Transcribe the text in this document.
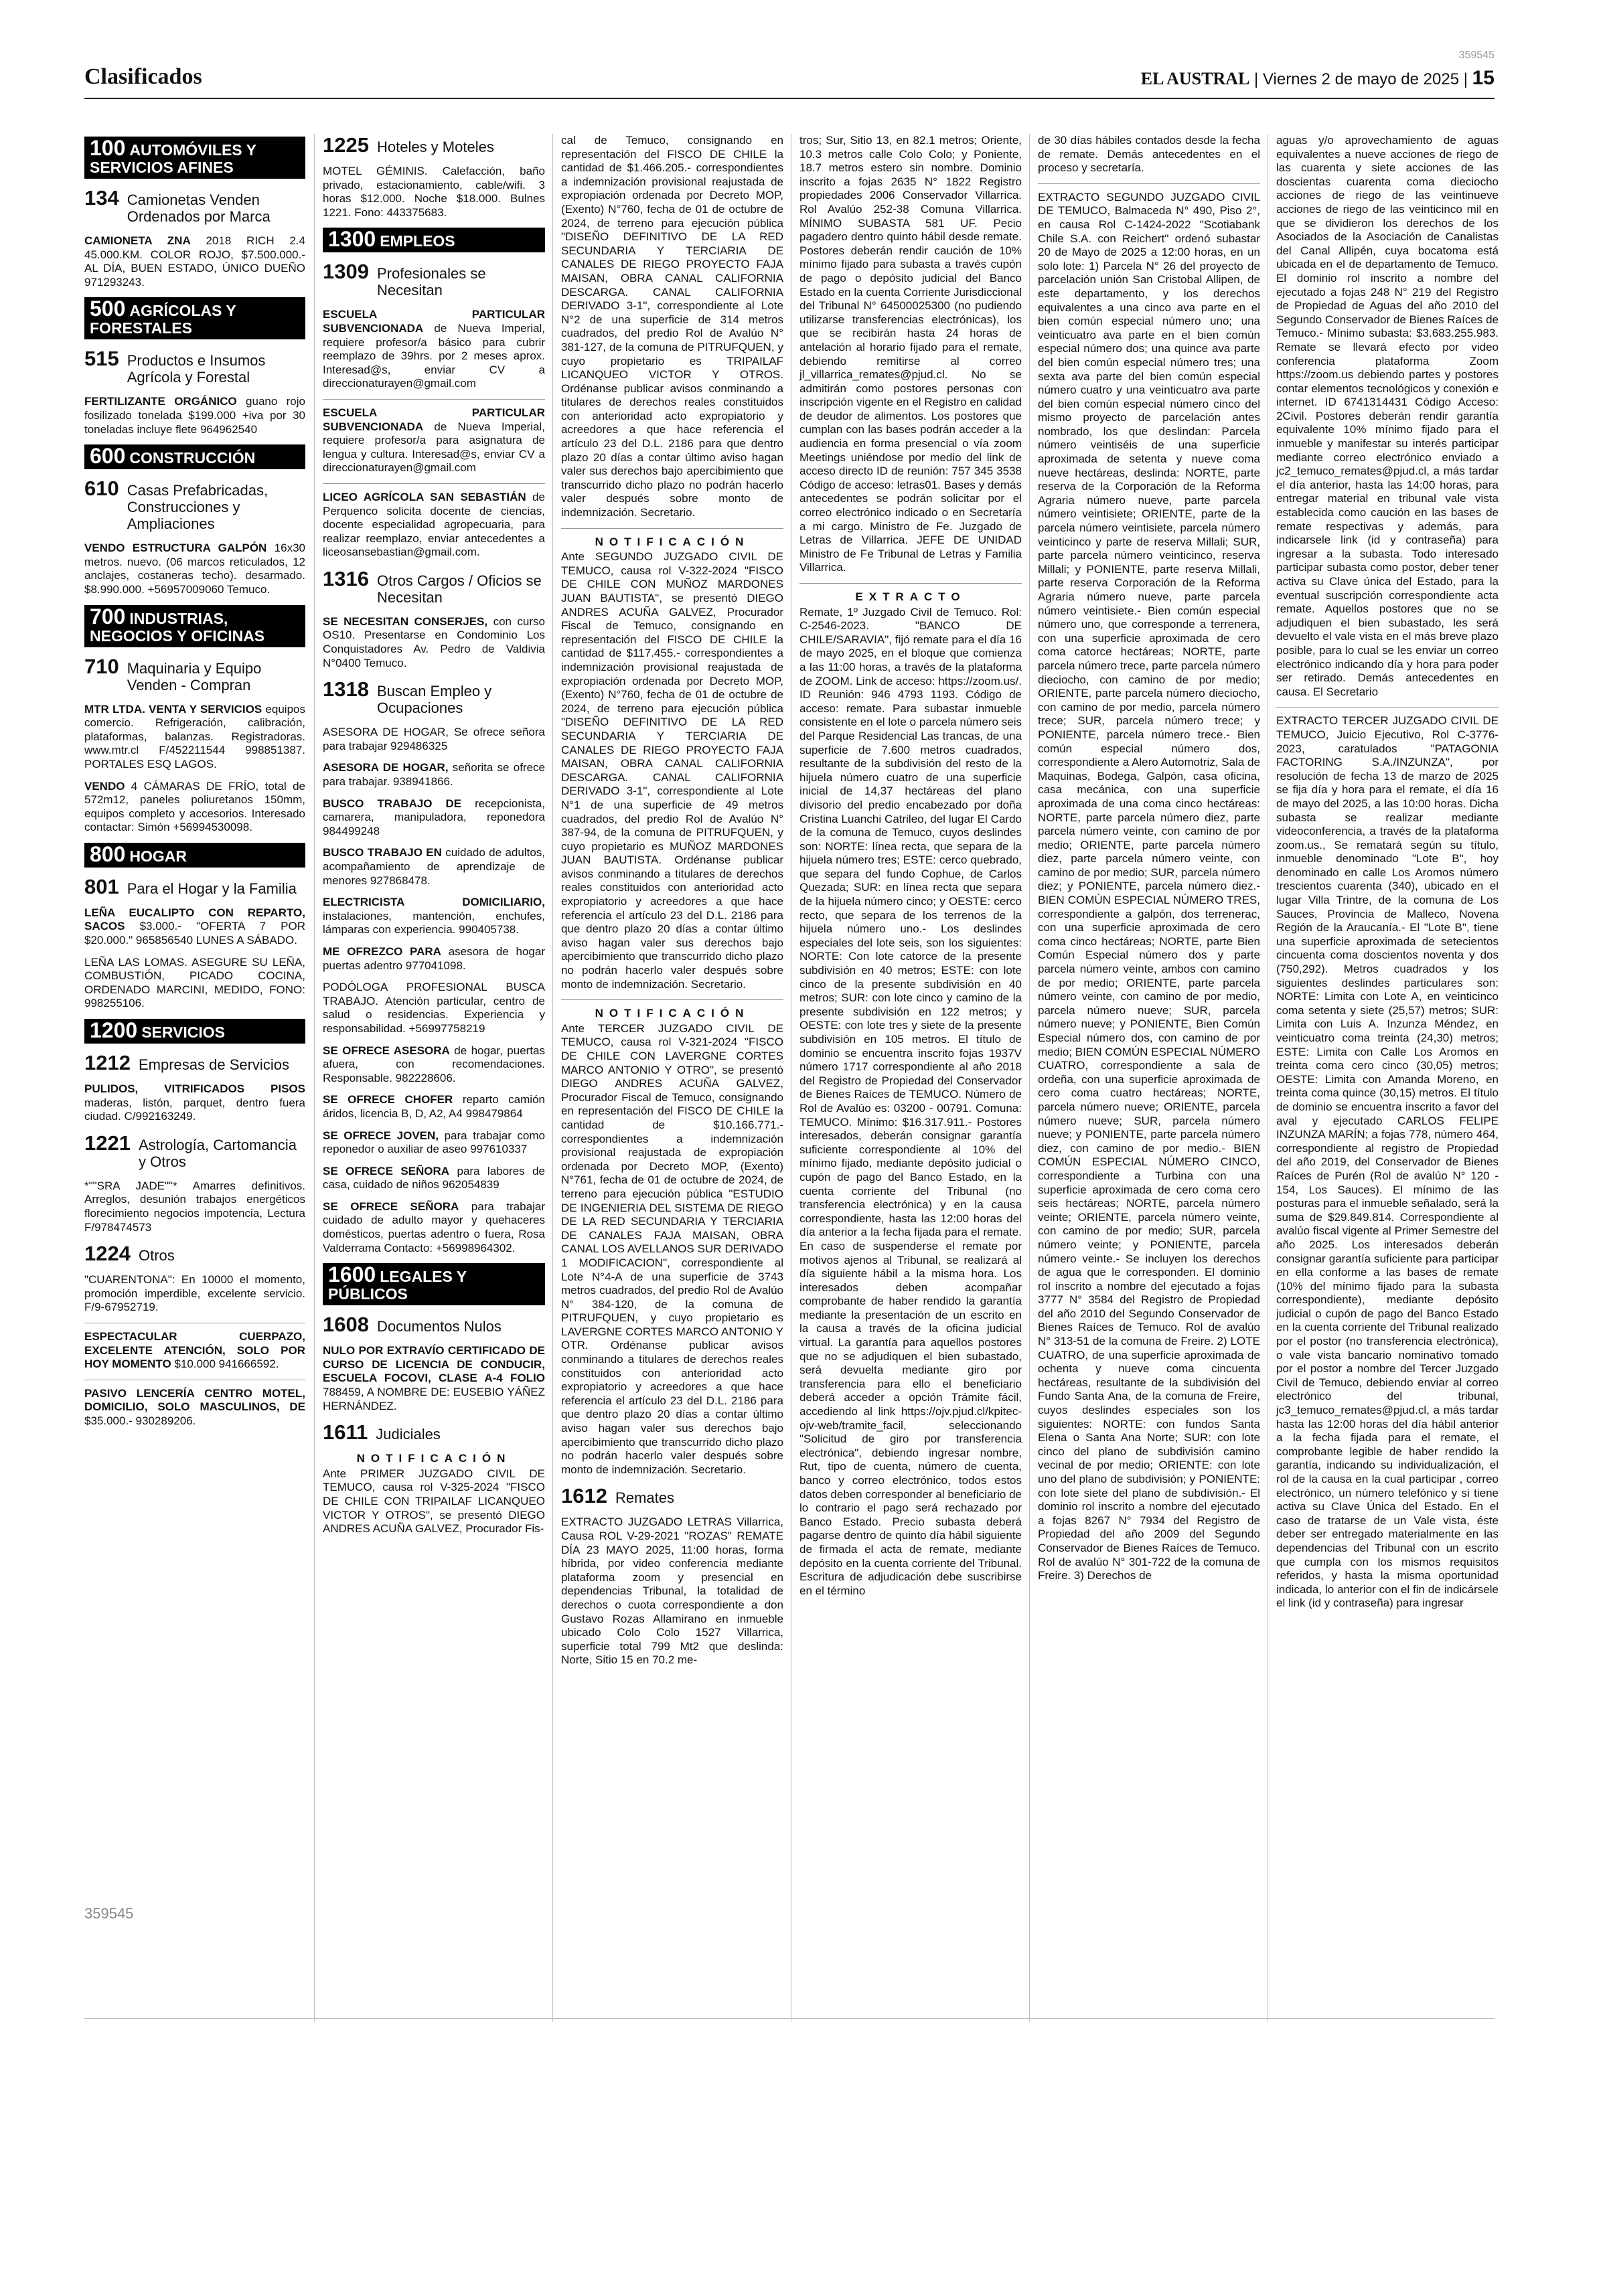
Clasificados
359545
EL AUSTRAL | Viernes 2 de mayo de 2025 | 15
100 AUTOMÓVILES Y SERVICIOS AFINES
134 Camionetas Venden Ordenados por Marca
CAMIONETA ZNA 2018 RICH 2.4 45.000.KM. COLOR ROJO, $7.500.000.- AL DÍA, BUEN ESTADO, ÚNICO DUEÑO 971293243.
500 AGRÍCOLAS Y FORESTALES
515 Productos e Insumos Agrícola y Forestal
FERTILIZANTE ORGÁNICO guano rojo fosilizado tonelada $199.000 +iva por 30 toneladas incluye flete 964962540
600 CONSTRUCCIÓN
610 Casas Prefabricadas, Construcciones y Ampliaciones
VENDO ESTRUCTURA GALPÓN 16x30 metros. nuevo. (06 marcos reticulados, 12 anclajes, costaneras techo). desarmado. $8.990.000. +56957009060 Temuco.
700 INDUSTRIAS, NEGOCIOS Y OFICINAS
710 Maquinaria y Equipo Venden - Compran
MTR LTDA. VENTA Y SERVICIOS equipos comercio. Refrigeración, calibración, plataformas, balanzas. Registradoras. www.mtr.cl F/452211544 998851387. PORTALES ESQ LAGOS.
VENDO 4 CÁMARAS DE FRÍO, total de 572m12, paneles poliuretanos 150mm, equipos completo y accesorios. Interesado contactar: Simón +56994530098.
800 HOGAR
801 Para el Hogar y la Familia
LEÑA EUCALIPTO CON REPARTO, SACOS $3.000.- "OFERTA 7 POR $20.000." 965856540 LUNES A SÁBADO.
LEÑA LAS LOMAS. ASEGURE SU LEÑA, COMBUSTIÓN, PICADO COCINA, ORDENADO MARCINI, MEDIDO, FONO: 998255106.
1200 SERVICIOS
1212 Empresas de Servicios
PULIDOS, VITRIFICADOS PISOS maderas, listón, parquet, dentro fuera ciudad. C/992163249.
1221 Astrología, Cartomancia y Otros
*""SRA JADE""* Amarres definitivos. Arreglos, desunión trabajos energéticos florecimiento negocios impotencia, Lectura F/978474573
1224 Otros
"CUARENTONA": En 10000 el momento, promoción imperdible, excelente servicio. F/9-67952719.
ESPECTACULAR CUERPAZO, EXCELENTE ATENCIÓN, SOLO POR HOY MOMENTO $10.000 941666592.
PASIVO LENCERÍA CENTRO MOTEL, DOMICILIO, SOLO MASCULINOS, DE $35.000.- 930289206.
1225 Hoteles y Moteles
MOTEL GÉMINIS. Calefacción, baño privado, estacionamiento, cable/wifi. 3 horas $12.000. Noche $18.000. Bulnes 1221. Fono: 443375683.
1300 EMPLEOS
1309 Profesionales se Necesitan
ESCUELA PARTICULAR SUBVENCIONADA de Nueva Imperial, requiere profesor/a básico para cubrir reemplazo de 39hrs. por 2 meses aprox. Interesad@s, enviar CV a direccionaturayen@gmail.com
ESCUELA PARTICULAR SUBVENCIONADA de Nueva Imperial, requiere profesor/a para asignatura de lengua y cultura. Interesad@s, enviar CV a direccionaturayen@gmail.com
LICEO AGRÍCOLA SAN SEBASTIÁN de Perquenco solicita docente de ciencias, docente especialidad agropecuaria, para realizar reemplazo, enviar antecedentes a liceosansebastian@gmail.com.
1316 Otros Cargos / Oficios se Necesitan
SE NECESITAN CONSERJES, con curso OS10. Presentarse en Condominio Los Conquistadores Av. Pedro de Valdivia N°0400 Temuco.
1318 Buscan Empleo y Ocupaciones
ASESORA DE HOGAR, Se ofrece señora para trabajar 929486325
ASESORA DE HOGAR, señorita se ofrece para trabajar. 938941866.
BUSCO TRABAJO DE recepcionista, camarera, manipuladora, reponedora 984499248
BUSCO TRABAJO EN cuidado de adultos, acompañamiento de aprendizaje de menores 927868478.
ELECTRICISTA DOMICILIARIO, instalaciones, mantención, enchufes, lámparas con experiencia. 990405738.
ME OFREZCO PARA asesora de hogar puertas adentro 977041098.
PODÓLOGA PROFESIONAL BUSCA TRABAJO. Atención particular, centro de salud o residencias. Experiencia y responsabilidad. +56997758219
SE OFRECE ASESORA de hogar, puertas afuera, con recomendaciones. Responsable. 982228606.
SE OFRECE CHOFER reparto camión áridos, licencia B, D, A2, A4 998479864
SE OFRECE JOVEN, para trabajar como reponedor o auxiliar de aseo 997610337
SE OFRECE SEÑORA para labores de casa, cuidado de niños 962054839
SE OFRECE SEÑORA para trabajar cuidado de adulto mayor y quehaceres domésticos, puertas adentro o fuera, Rosa Valderrama Contacto: +56998964302.
1600 LEGALES Y PÚBLICOS
1608 Documentos Nulos
NULO POR EXTRAVÍO CERTIFICADO DE CURSO DE LICENCIA DE CONDUCIR, ESCUELA FOCOVI, CLASE A-4 FOLIO 788459, A NOMBRE DE: EUSEBIO YÁÑEZ HERNÁNDEZ.
1611 Judiciales
NOTIFICACIÓN
Ante PRIMER JUZGADO CIVIL DE TEMUCO, causa rol V-325-2024 "FISCO DE CHILE CON TRIPAILAF LICANQUEO VICTOR Y OTROS", se presentó DIEGO ANDRES ACUÑA GALVEZ, Procurador Fis-
cal de Temuco, consignando en representación del FISCO DE CHILE la cantidad de $1.466.205.- correspondientes a indemnización provisional reajustada de expropiación ordenada por Decreto MOP, (Exento) N°760, fecha de 01 de octubre de 2024, de terreno para ejecución pública "DISEÑO DEFINITIVO DE LA RED SECUNDARIA Y TERCIARIA DE CANALES DE RIEGO PROYECTO FAJA MAISAN, OBRA CANAL CALIFORNIA DESCARGA. CANAL CALIFORNIA DERIVADO 3-1", correspondiente al Lote N°2 de una superficie de 314 metros cuadrados, del predio Rol de Avalúo N° 381-127, de la comuna de PITRUFQUEN, y cuyo propietario es TRIPAILAF LICANQUEO VICTOR Y OTROS. Ordénanse publicar avisos conminando a titulares de derechos reales constituidos con anterioridad acto expropiatorio y acreedores a que hace referencia el artículo 23 del D.L. 2186 para que dentro plazo 20 días a contar último aviso hagan valer sus derechos bajo apercibimiento que transcurrido dicho plazo no podrán hacerlo valer después sobre monto de indemnización. Secretario.
NOTIFICACIÓN
Ante SEGUNDO JUZGADO CIVIL DE TEMUCO, causa rol V-322-2024 "FISCO DE CHILE CON MUÑOZ MARDONES JUAN BAUTISTA", se presentó DIEGO ANDRES ACUÑA GALVEZ, Procurador Fiscal de Temuco, consignando en representación del FISCO DE CHILE la cantidad de $117.455.- correspondientes a indemnización provisional reajustada de expropiación ordenada por Decreto MOP, (Exento) N°760, fecha de 01 de octubre de 2024, de terreno para ejecución pública "DISEÑO DEFINITIVO DE LA RED SECUNDARIA Y TERCIARIA DE CANALES DE RIEGO PROYECTO FAJA MAISAN, OBRA CANAL CALIFORNIA DESCARGA. CANAL CALIFORNIA DERIVADO 3-1", correspondiente al Lote N°1 de una superficie de 49 metros cuadrados, del predio Rol de Avalúo N° 387-94, de la comuna de PITRUFQUEN, y cuyo propietario es MUÑOZ MARDONES JUAN BAUTISTA. Ordénanse publicar avisos conminando a titulares de derechos reales constituidos con anterioridad acto expropiatorio y acreedores a que hace referencia el artículo 23 del D.L. 2186 para que dentro plazo 20 días a contar último aviso hagan valer sus derechos bajo apercibimiento que transcurrido dicho plazo no podrán hacerlo valer después sobre monto de indemnización. Secretario.
NOTIFICACIÓN
Ante TERCER JUZGADO CIVIL DE TEMUCO, causa rol V-321-2024 "FISCO DE CHILE CON LAVERGNE CORTES MARCO ANTONIO Y OTRO", se presentó DIEGO ANDRES ACUÑA GALVEZ, Procurador Fiscal de Temuco, consignando en representación del FISCO DE CHILE la cantidad de $10.166.771.- correspondientes a indemnización provisional reajustada de expropiación ordenada por Decreto MOP, (Exento) N°761, fecha de 01 de octubre de 2024, de terreno para ejecución pública "ESTUDIO DE INGENIERIA DEL SISTEMA DE RIEGO DE LA RED SECUNDARIA Y TERCIARIA DE CANALES FAJA MAISAN, OBRA CANAL LOS AVELLANOS SUR DERIVADO 1 MODIFICACION", correspondiente al Lote N°4-A de una superficie de 3743 metros cuadrados, del predio Rol de Avalúo N° 384-120, de la comuna de PITRUFQUEN, y cuyo propietario es LAVERGNE CORTES MARCO ANTONIO Y OTR. Ordénanse publicar avisos conminando a titulares de derechos reales constituidos con anterioridad acto expropiatorio y acreedores a que hace referencia el artículo 23 del D.L. 2186 para que dentro plazo 20 días a contar último aviso hagan valer sus derechos bajo apercibimiento que transcurrido dicho plazo no podrán hacerlo valer después sobre monto de indemnización. Secretario.
1612 Remates
EXTRACTO JUZGADO LETRAS Villarrica, Causa ROL V-29-2021 "ROZAS" REMATE DÍA 23 MAYO 2025, 11:00 horas, forma híbrida, por video conferencia mediante plataforma zoom y presencial en dependencias Tribunal, la totalidad de derechos o cuota correspondiente a don Gustavo Rozas Allamiranо en inmueble ubicado Colo Colo 1527 Villarrica, superficie total 799 Mt2 que deslinda: Norte, Sitio 15 en 70.2 me-
tros; Sur, Sitio 13, en 82.1 metros; Oriente, 10.3 metros calle Colo Colo; y Poniente, 18.7 metros estero sin nombre. Dominio inscrito a fojas 2635 N° 1822 Registro propiedades 2006 Conservador Villarrica. Rol Avalúo 252-38 Comuna Villarrica. MÍNIMO SUBASTA 581 UF. Pecio pagadero dentro quinto hábil desde remate. Postores deberán rendir caución de 10% mínimo fijado para subasta a través cupón de pago o depósito judicial del Banco Estado en la cuenta Corriente Jurisdiccional del Tribunal N° 64500025300 (no pudiendo utilizarse transferencias electrónicas), los que se recibirán hasta 24 horas de antelación al horario fijado para el remate, debiendo remitirse al correo jl_villarrica_remates@pjud.cl. No se admitirán como postores personas con inscripción vigente en el Registro en calidad de deudor de alimentos. Los postores que cumplan con las bases podrán acceder a la audiencia en forma presencial o vía zoom Meetings uniéndose por medio del link de acceso directo ID de reunión: 757 345 3538 Código de acceso: letras01. Bases y demás antecedentes se podrán solicitar por el correo electrónico indicado o en Secretaría a mi cargo. Ministro de Fe. Juzgado de Letras de Villarrica. JEFE DE UNIDAD Ministro de Fe Tribunal de Letras y Familia Villarrica.
EXTRACTO
Remate, 1º Juzgado Civil de Temuco. Rol: C-2546-2023. "BANCO DE CHILE/SARAVIA", fijó remate para el día 16 de mayo 2025, en el bloque que comienza a las 11:00 horas, a través de la plataforma de ZOOM. Link de acceso: https://zoom.us/. ID Reunión: 946 4793 1193. Código de acceso: remate. Para subastar inmueble consistente en el lote o parcela número seis del Parque Residencial Las trancas, de una superficie de 7.600 metros cuadrados, resultante de la subdivisión del resto de la hijuela número cuatro de una superficie inicial de 14,37 hectáreas del plano divisorio del predio encabezado por doña Cristina Luanchi Catrileo, del lugar El Cardo de la comuna de Temuco, cuyos deslindes son: NORTE: línea recta, que separa de la hijuela número tres; ESTE: cerco quebrado, que separa del fundo Cophue, de Carlos Quezada; SUR: en línea recta que separa de la hijuela número cinco; y OESTE: cerco recto, que separa de los terrenos de la hijuela número uno.- Los deslindes especiales del lote seis, son los siguientes: NORTE: Con lote catorce de la presente subdivisión en 40 metros; ESTE: con lote cinco de la presente subdivisión en 40 metros; SUR: con lote cinco y camino de la presente subdivisión en 122 metros; y OESTE: con lote tres y siete de la presente subdivisión en 105 metros. El título de dominio se encuentra inscrito fojas 1937V número 1717 correspondiente al año 2018 del Registro de Propiedad del Conservador de Bienes Raíces de TEMUCO. Número de Rol de Avalúo es: 03200 - 00791. Comuna: TEMUCO. Mínimo: $16.317.911.- Postores interesados, deberán consignar garantía suficiente correspondiente al 10% del mínimo fijado, mediante depósito judicial o cupón de pago del Banco Estado, en la cuenta corriente del Tribunal (no transferencia electrónica) y en la causa correspondiente, hasta las 12:00 horas del día anterior a la fecha fijada para el remate. En caso de suspenderse el remate por motivos ajenos al Tribunal, se realizará al día siguiente hábil a la misma hora. Los interesados deben acompañar comprobante de haber rendido la garantía mediante la presentación de un escrito en la causa a través de la oficina judicial virtual. La garantía para aquellos postores que no se adjudiquen el bien subastado, será devuelta mediante giro por transferencia para ello el beneficiario deberá acceder a opción Trámite fácil, accediendo al link https://ojv.pjud.cl/kpitec-ojv-web/tramite_facil, seleccionando "Solicitud de giro por transferencia electrónica", debiendo ingresar nombre, Rut, tipo de cuenta, número de cuenta, banco y correo electrónico, todos estos datos deben corresponder al beneficiario de lo contrario el pago será rechazado por Banco Estado. Precio subasta deberá pagarse dentro de quinto día hábil siguiente de firmada el acta de remate, mediante depósito en la cuenta corriente del Tribunal. Escritura de adjudicación debe suscribirse en el término
de 30 días hábiles contados desde la fecha de remate. Demás antecedentes en el proceso y secretaría.
EXTRACTO SEGUNDO JUZGADO CIVIL DE TEMUCO, Balmaceda N° 490, Piso 2°, en causa Rol C-1424-2022 "Scotiabank Chile S.A. con Reichert" ordenó subastar 20 de Mayo de 2025 a 12:00 horas, en un solo lote: 1) Parcela N° 26 del proyecto de parcelación unión San Cristobal Allipen, de este departamento, y los derechos equivalentes a una cinco ava parte en el bien común especial número uno; una veinticuatro ava parte en el bien común especial número dos; una quince ava parte del bien común especial número tres; una sexta ava parte del bien común especial número cuatro y una veinticuatro ava parte del bien común especial número cinco del mismo proyecto de parcelación antes nombrado, los que deslindan: Parcela número veintiséis de una superficie aproximada de setenta y nueve coma nueve hectáreas, deslinda: NORTE, parte reserva de la Corporación de la Reforma Agraria número nueve, parte parcela número veintisiete; ORIENTE, parte de la parcela número veintisiete, parcela número veinticinco y parte de reserva Millali; SUR, parte parcela número veinticinco, reserva Millali; y PONIENTE, parte reserva Millali, parte reserva Corporación de la Reforma Agraria número nueve, parte parcela número veintisiete.- Bien común especial número uno, que corresponde a terrenera, con una superficie aproximada de cero coma catorce hectáreas; NORTE, parte parcela número trece, parte parcela número dieciocho, con camino de por medio; ORIENTE, parte parcela número dieciocho, con camino de por medio, parcela número trece; SUR, parcela número trece; y PONIENTE, parcela número trece.- Bien común especial número dos, correspondiente a Alero Automotriz, Sala de Maquinas, Bodega, Galpón, casa oficina, casa mecánica, con una superficie aproximada de una coma cinco hectáreas: NORTE, parte parcela número diez, parte parcela número veinte, con camino de por medio; ORIENTE, parte parcela número diez, parte parcela número veinte, con camino de por medio; SUR, parcela número diez; y PONIENTE, parcela número diez.- BIEN COMÚN ESPECIAL NÚMERO TRES, correspondiente a galpón, dos terrenerас, con una superficie aproximada de cero coma cinco hectáreas; NORTE, parte Bien Común Especial número dos y parte parcela número veinte, ambos con camino de por medio; ORIENTE, parte parcela número veinte, con camino de por medio, parcela número nueve; SUR, parcela número nueve; y PONIENTE, Bien Común Especial número dos, con camino de por medio; BIEN COMÚN ESPECIAL NÚMERO CUATRO, correspondiente a sala de ordeña, con una superficie aproximada de cero coma cuatro hectáreas; NORTE, parcela número nueve; ORIENTE, parcela número nueve; SUR, parcela número nueve; y PONIENTE, parte parcela número diez, con camino de por medio.- BIEN COMÚN ESPECIAL NÚMERO CINCO, correspondiente a Turbina con una superficie aproximada de cero coma cero seis hectáreas; NORTE, parcela número veinte; ORIENTE, parcela número veinte, con camino de por medio; SUR, parcela número veinte; y PONIENTE, parcela número veinte.- Se incluyen los derechos de agua que le corresponden. El dominio rol inscrito a nombre del ejecutado a fojas 3777 N° 3584 del Registro de Propiedad del año 2010 del Segundo Conservador de Bienes Raíces de Temuco. Rol de avalúo N° 313-51 de la comuna de Freire. 2) LOTE CUATRO, de una superficie aproximada de ochenta y nueve coma cincuenta hectáreas, resultante de la subdivisión del Fundo Santa Ana, de la comuna de Freire, cuyos deslindes especiales son los siguientes: NORTE: con fundos Santa Elena o Santa Ana Norte; SUR: con lote cinco del plano de subdivisión camino vecinal de por medio; ORIENTE: con lote uno del plano de subdivisión; y PONIENTE: con lote siete del plano de subdivisión.- El dominio rol inscrito a nombre del ejecutado a fojas 8267 N° 7934 del Registro de Propiedad del año 2009 del Segundo Conservador de Bienes Raíces de Temuco. Rol de avalúo N° 301-722 de la comuna de Freire. 3) Derechos de
aguas y/o aprovechamiento de aguas equivalentes a nueve acciones de riego de las cuarenta y siete acciones de las doscientas cuarenta coma dieciocho acciones de riego de las veintinueve acciones de riego de las veinticinco mil en que se dividieron los derechos de los Asociados de la Asociación de Canalistas del Canal Allipén, cuya bocatoma está ubicada en el de departamento de Temuco. El dominio rol inscrito a nombre del ejecutado a fojas 248 N° 219 del Registro de Propiedad de Aguas del año 2010 del Segundo Conservador de Bienes Raíces de Temuco.- Mínimo subasta: $3.683.255.983. Remate se llevará efecto por video conferencia plataforma Zoom https://zoom.us debiendo partes y postores contar elementos tecnológicos y conexión e internet. ID 6741314431 Código Acceso: 2Civil. Postores deberán rendir garantía equivalente 10% mínimo fijado para el inmueble y manifestar su interés participar mediante correo electrónico enviado a jc2_temuco_remates@pjud.cl, a más tardar el día anterior, hasta las 14:00 horas, para entregar material en tribunal vale vista establecida como caución en las bases de remate respectivas y además, para indicarsele link (id y contraseña) para ingresar a la subasta. Todo interesado participar subasta como postor, deber tener activa su Clave única del Estado, para la eventual suscripción correspondiente acta remate. Aquellos postores que no se adjudiquen el bien subastado, les será devuelto el vale vista en el más breve plazo posible, para lo cual se les enviar un correo electrónico indicando día y hora para poder ser retirado. Demás antecedentes en causa. El Secretario
EXTRACTO TERCER JUZGADO CIVIL DE TEMUCO, Juicio Ejecutivo, Rol C-3776-2023, caratulados "PATAGONIA FACTORING S.A./INZUNZA", por resolución de fecha 13 de marzo de 2025 se fija día y hora para el remate, el día 16 de mayo del 2025, a las 10:00 horas. Dicha subasta se realizar mediante videoconferencia, a través de la plataforma zoom.us., Se rematará según su título, inmueble denominado "Lote B", hoy denominado en calle Los Aromos número trescientos cuarenta (340), ubicado en el lugar Villa Trintre, de la comuna de Los Sauces, Provincia de Malleco, Novena Región de la Araucanía.- El "Lote B", tiene una superficie aproximada de setecientos cincuenta coma doscientos noventa y dos (750,292). Metros cuadrados y los siguientes deslindes particulares son: NORTE: Limita con Lote A, en veinticinco coma setenta y siete (25,57) metros; SUR: Limita con Luis A. Inzunza Méndez, en veinticuatro coma treinta (24,30) metros; ESTE: Limita con Calle Los Aromos en treinta coma cero cinco (30,05) metros; OESTE: Limita con Amanda Moreno, en treinta coma quince (30,15) metros. El título de dominio se encuentra inscrito a favor del aval y ejecutado CARLOS FELIPE INZUNZA MARÍN; a fojas 778, número 464, correspondiente al registro de Propiedad del año 2019, del Conservador de Bienes Raíces de Purén (Rol de avalúo N° 120 - 154, Los Sauces). El mínimo de las posturas para el inmueble señalado, será la suma de $29.849.814. Correspondiente al avalúo fiscal vigente al Primer Semestre del año 2025. Los interesados deberán consignar garantía suficiente para participar en ella conforme a las bases de remate (10% del mínimo fijado para la subasta correspondiente), mediante depósito judicial o cupón de pago del Banco Estado en la cuenta corriente del Tribunal realizado por el postor (no transferencia electrónica), o vale vista bancario nominativo tomado por el postor a nombre del Tercer Juzgado Civil de Temuco, debiendo enviar al correo electrónico del tribunal, jc3_temuco_remates@pjud.cl, a más tardar hasta las 12:00 horas del día hábil anterior a la fecha fijada para el remate, el comprobante legible de haber rendido la garantía, indicando su individualización, el rol de la causa en la cual participar , correo electrónico, un número telefónico y si tiene activa su Clave Única del Estado. En el caso de tratarse de un Vale vista, éste deber ser entregado materialmente en las dependencias del Tribunal con un escrito que cumpla con los mismos requisitos referidos, y hasta la misma oportunidad indicada, lo anterior con el fin de indicársele el link (id y contraseña) para ingresar
359545
